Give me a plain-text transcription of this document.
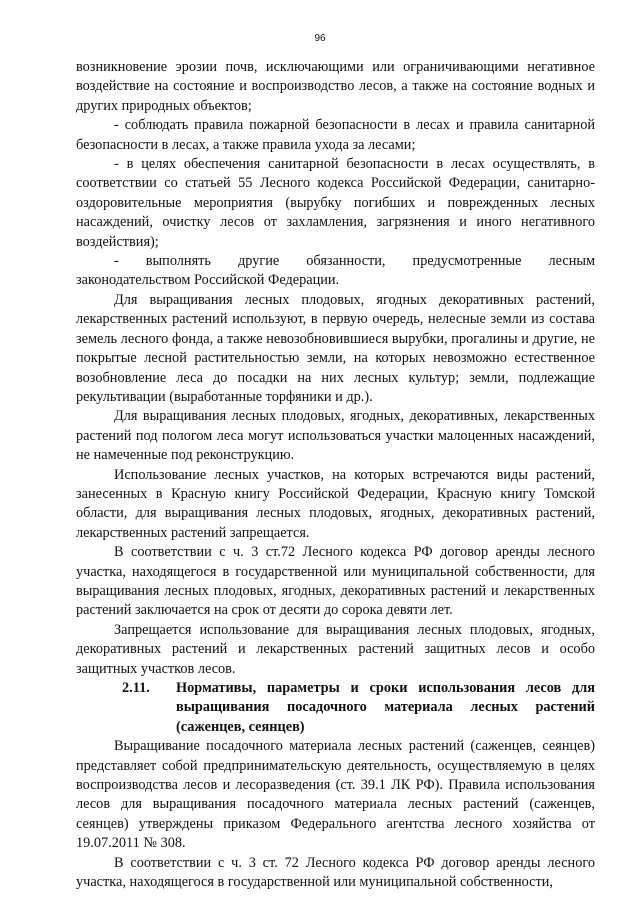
96

возникновение эрозии почв, исключающими или ограничивающими негативное воздействие на состояние и воспроизводство лесов, а также на состояние водных и других природных объектов;

- соблюдать правила пожарной безопасности в лесах и правила санитарной безопасности в лесах, а также правила ухода за лесами;

- в целях обеспечения санитарной безопасности в лесах осуществлять, в соответствии со статьей 55 Лесного кодекса Российской Федерации, санитарно-оздоровительные мероприятия (вырубку погибших и поврежденных лесных насаждений, очистку лесов от захламления, загрязнения и иного негативного воздействия);

- выполнять другие обязанности, предусмотренные лесным законодательством Российской Федерации.

Для выращивания лесных плодовых, ягодных декоративных растений, лекарственных растений используют, в первую очередь, нелесные земли из состава земель лесного фонда, а также невозобновившиеся вырубки, прогалины и другие, не покрытые лесной растительностью земли, на которых невозможно естественное возобновление леса до посадки на них лесных культур; земли, подлежащие рекультивации (выработанные торфяники и др.).

Для выращивания лесных плодовых, ягодных, декоративных, лекарственных растений под пологом леса могут использоваться участки малоценных насаждений, не намеченные под реконструкцию.

Использование лесных участков, на которых встречаются виды растений, занесенных в Красную книгу Российской Федерации, Красную книгу Томской области, для выращивания лесных плодовых, ягодных, декоративных растений, лекарственных растений запрещается.

В соответствии с ч. 3 ст.72 Лесного кодекса РФ договор аренды лесного участка, находящегося в государственной или муниципальной собственности, для выращивания лесных плодовых, ягодных, декоративных растений и лекарственных растений заключается на срок от десяти до сорока девяти лет.

Запрещается использование для выращивания лесных плодовых, ягодных, декоративных растений и лекарственных растений защитных лесов и особо защитных участков лесов.

2.11. Нормативы, параметры и сроки использования лесов для выращивания посадочного материала лесных растений (саженцев, сеянцев)

Выращивание посадочного материала лесных растений (саженцев, сеянцев) представляет собой предпринимательскую деятельность, осуществляемую в целях воспроизводства лесов и лесоразведения (ст. 39.1 ЛК РФ). Правила использования лесов для выращивания посадочного материала лесных растений (саженцев, сеянцев) утверждены приказом Федерального агентства лесного хозяйства от 19.07.2011 № 308.

В соответствии с ч. 3 ст. 72 Лесного кодекса РФ договор аренды лесного участка, находящегося в государственной или муниципальной собственности,
